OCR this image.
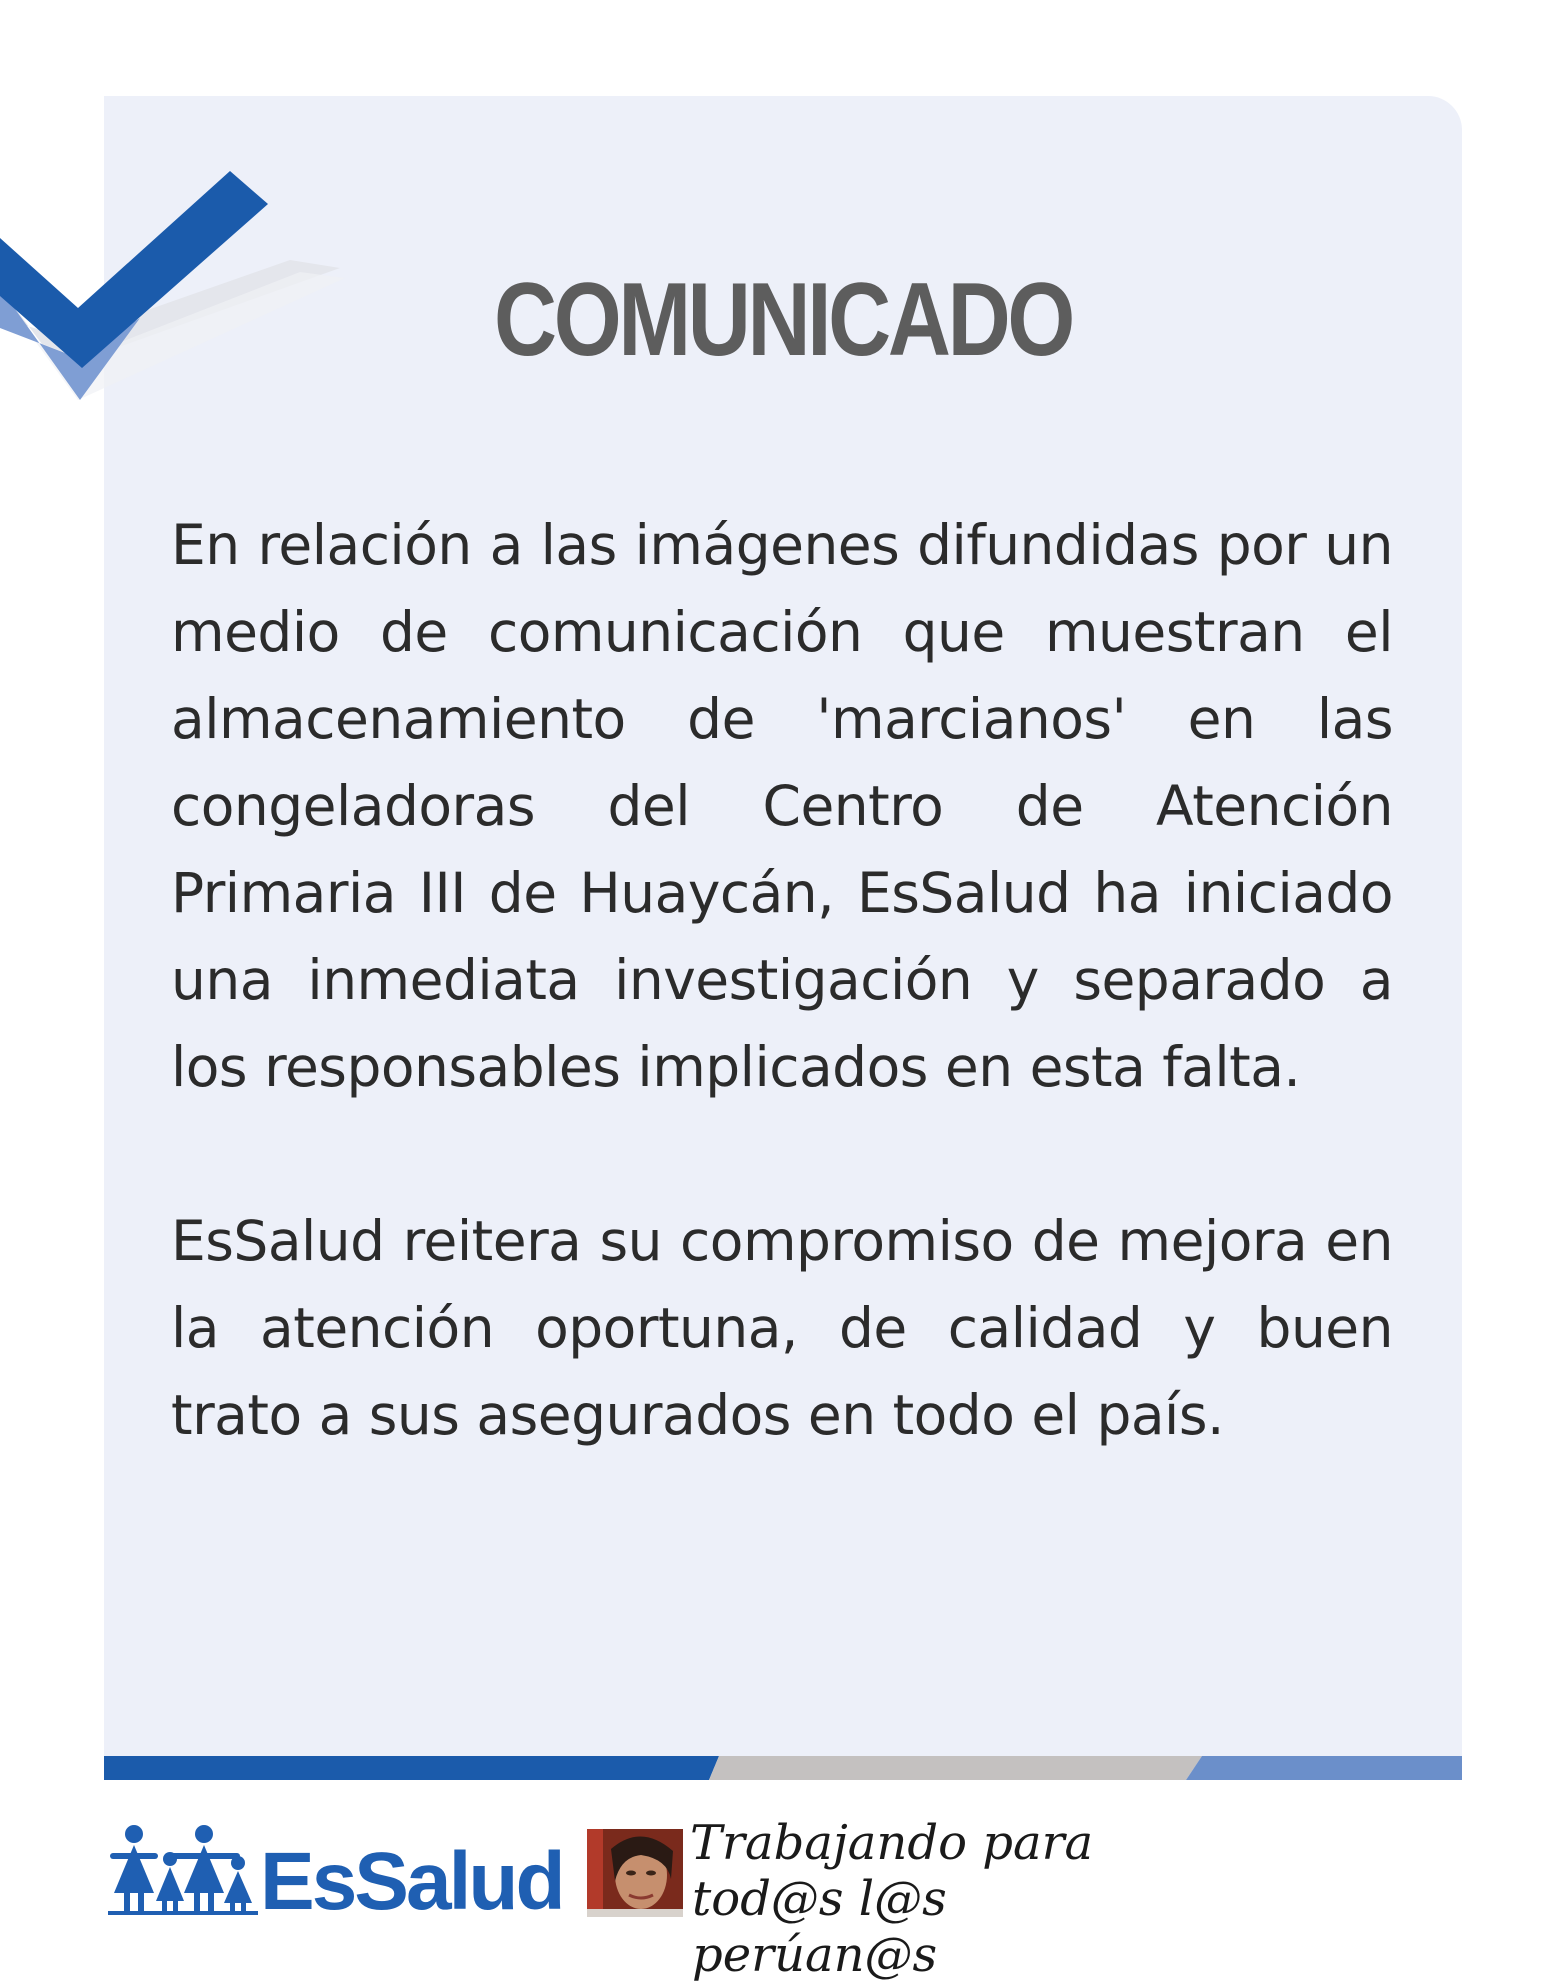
COMUNICADO

En relación a las imágenes difundidas por un medio de comunicación que muestran el almacenamiento de 'marcianos' en las congeladoras del Centro de Atención Primaria III de Huaycán, EsSalud ha iniciado una inmediata investigación y separado a los responsables implicados en esta falta.

EsSalud reitera su compromiso de mejora en la atención oportuna, de calidad y buen trato a sus asegurados en todo el país.

EsSalud	Trabajando para
tod@s l@s perúan@s
